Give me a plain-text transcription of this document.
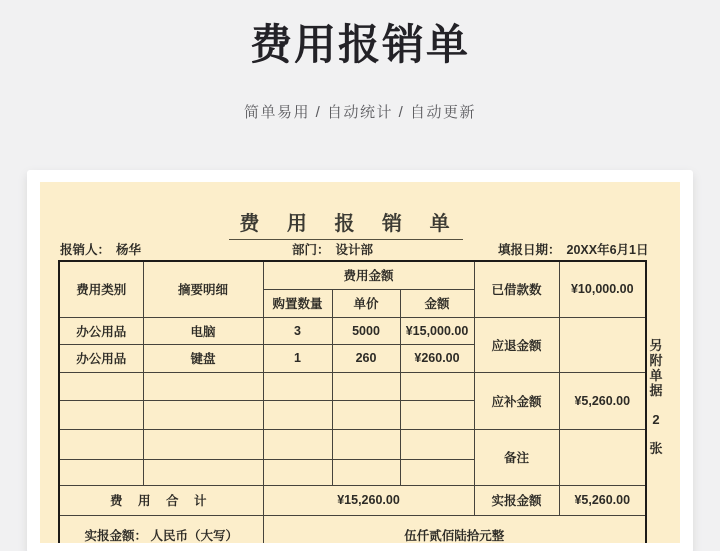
费用报销单
简单易用 / 自动统计 / 自动更新
费 用 报 销 单
报销人： 杨华	部门： 设计部	填报日期： 20XX年6月1日
费用类别	摘要明细	费用金额			已借款数	¥10,000.00
		购置数量	单价	金额		
办公用品	电脑	3	5000	¥15,000.00	应退金额	
办公用品	键盘	1	260	¥260.00		
					应补金额	¥5,260.00

					备注	

费 用 合 计		¥15,260.00			实报金额	¥5,260.00
实报金额： 人民币（大写）		伍仟贰佰陆拾元整				
另
附
单
据
2
张
